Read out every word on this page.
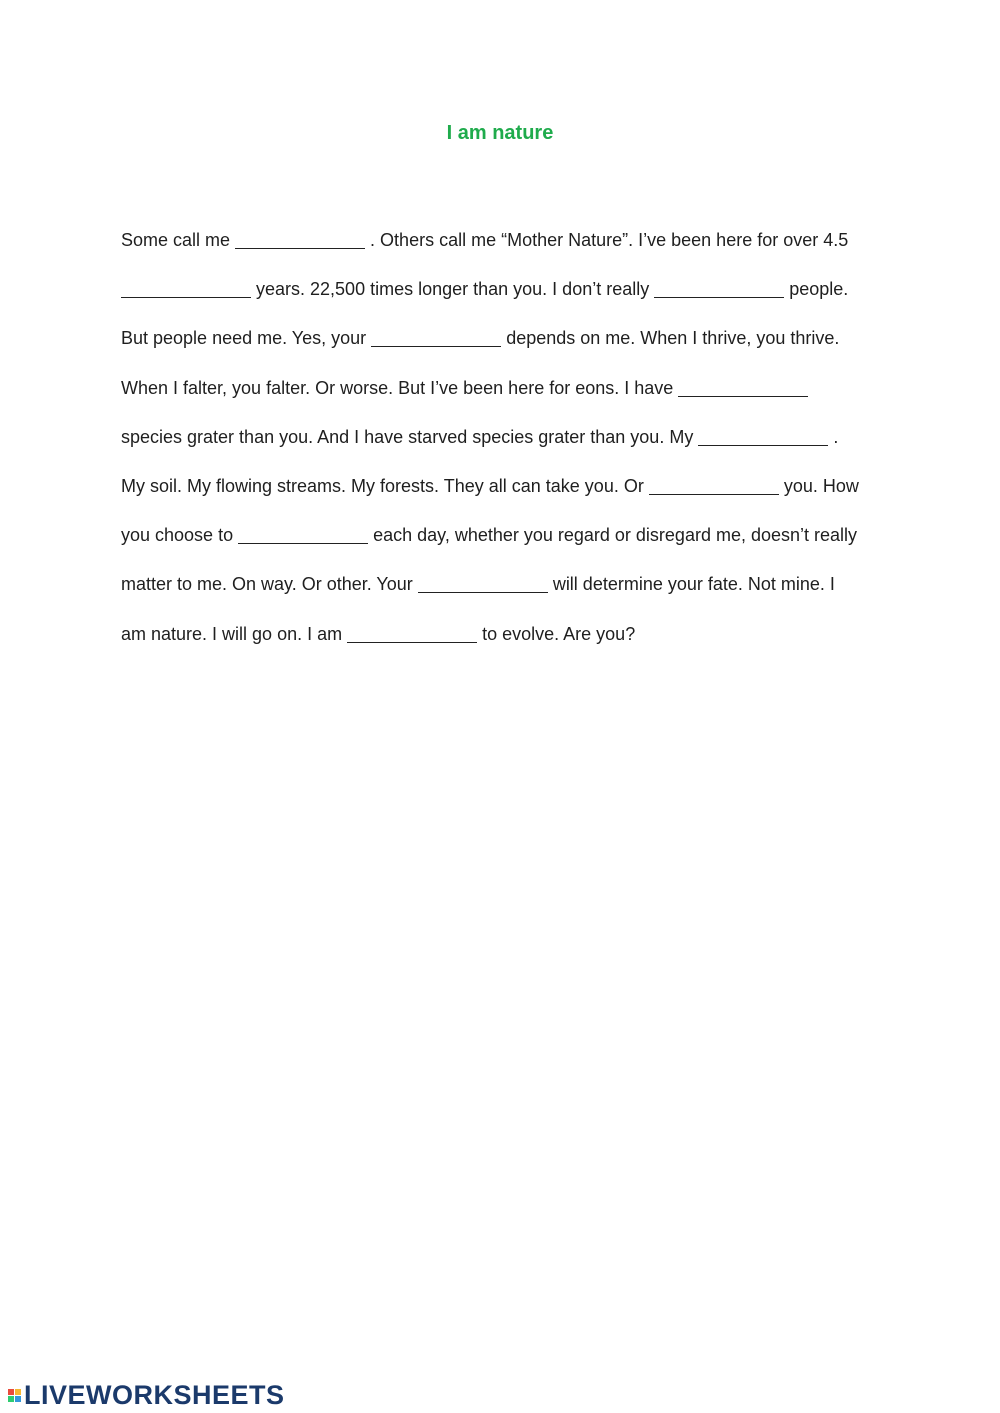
I am nature
Some call me	. Others call me “Mother Nature”. I’ve been here for over 4.5
years. 22,500 times longer than you. I don’t really	people.
But people need me. Yes, your	depends on me. When I thrive, you thrive.
When I falter, you falter. Or worse. But I’ve been here for eons. I have
species grater than you. And I have starved species grater than you. My	.
My soil. My flowing streams. My forests. They all can take you. Or	you. How
you choose to	each day, whether you regard or disregard me, doesn’t really
matter to me. On way. Or other. Your	will determine your fate. Not mine. I
am nature. I will go on. I am	to evolve. Are you?
LIVEWORKSHEETS
